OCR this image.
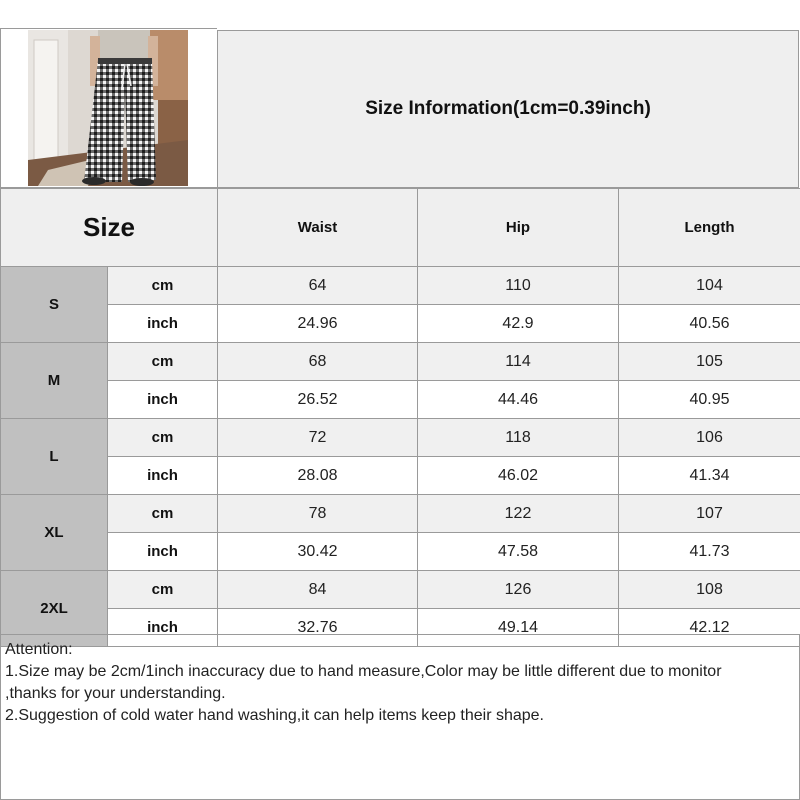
Size Information(1cm=0.39inch)
Size		Waist	Hip	Length
S	cm	64	110	104
	inch	24.96	42.9	40.56
M	cm	68	114	105
	inch	26.52	44.46	40.95
L	cm	72	118	106
	inch	28.08	46.02	41.34
XL	cm	78	122	107
	inch	30.42	47.58	41.73
2XL	cm	84	126	108
	inch	32.76	49.14	42.12
Attention:
1.Size may be 2cm/1inch inaccuracy due to hand measure,Color may be little different due to monitor
,thanks for your understanding.
2.Suggestion of cold water hand washing,it can help items keep their shape.
